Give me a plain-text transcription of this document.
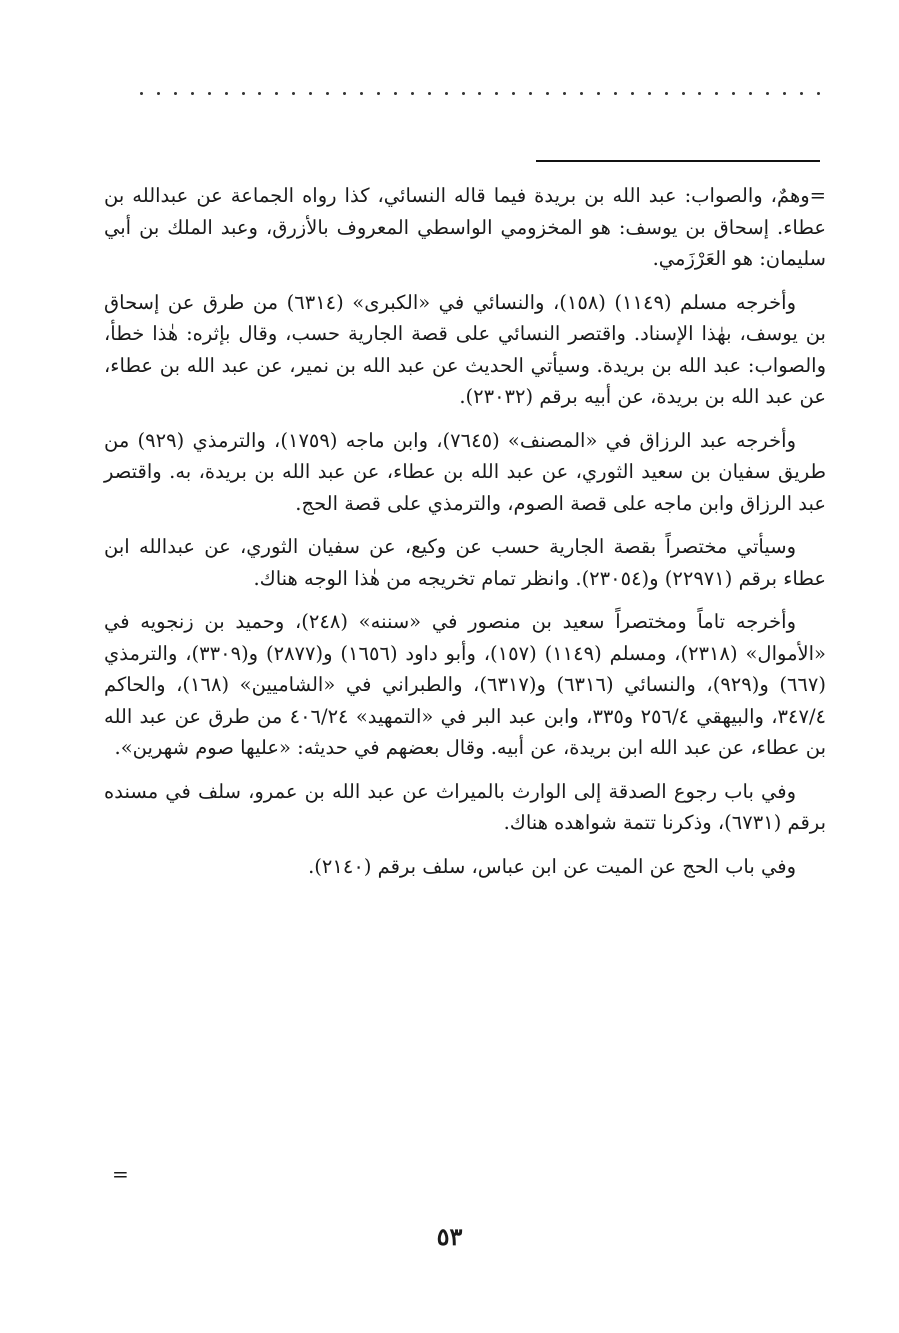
=وهمٌ، والصواب: عبد الله بن بريدة فيما قاله النسائي، كذا رواه الجماعة عن عبدالله بن عطاء. إسحاق بن يوسف: هو المخزومي الواسطي المعروف بالأزرق، وعبد الملك بن أبي سليمان: هو العَرْزَمي.

وأخرجه مسلم (١١٤٩) (١٥٨)، والنسائي في «الكبرى» (٦٣١٤) من طرق عن إسحاق بن يوسف، بهٰذا الإسناد. واقتصر النسائي على قصة الجارية حسب، وقال بإثره: هٰذا خطأ، والصواب: عبد الله بن بريدة. وسيأتي الحديث عن عبد الله بن نمير، عن عبد الله بن عطاء، عن عبد الله بن بريدة، عن أبيه برقم (٢٣٠٣٢).

وأخرجه عبد الرزاق في «المصنف» (٧٦٤٥)، وابن ماجه (١٧٥٩)، والترمذي (٩٢٩) من طريق سفيان بن سعيد الثوري، عن عبد الله بن عطاء، عن عبد الله بن بريدة، به. واقتصر عبد الرزاق وابن ماجه على قصة الصوم، والترمذي على قصة الحج.

وسيأتي مختصراً بقصة الجارية حسب عن وكيع، عن سفيان الثوري، عن عبدالله ابن عطاء برقم (٢٢٩٧١) و(٢٣٠٥٤). وانظر تمام تخريجه من هٰذا الوجه هناك.

وأخرجه تاماً ومختصراً سعيد بن منصور في «سننه» (٢٤٨)، وحميد بن زنجويه في «الأموال» (٢٣١٨)، ومسلم (١١٤٩) (١٥٧)، وأبو داود (١٦٥٦) و(٢٨٧٧) و(٣٣٠٩)، والترمذي (٦٦٧) و(٩٢٩)، والنسائي (٦٣١٦) و(٦٣١٧)، والطبراني في «الشاميين» (١٦٨)، والحاكم ٣٤٧/٤، والبيهقي ٢٥٦/٤ و٣٣٥، وابن عبد البر في «التمهيد» ٤٠٦/٢٤ من طرق عن عبد الله بن عطاء، عن عبد الله ابن بريدة، عن أبيه. وقال بعضهم في حديثه: «عليها صوم شهرين».

وفي باب رجوع الصدقة إلى الوارث بالميراث عن عبد الله بن عمرو، سلف في مسنده برقم (٦٧٣١)، وذكرنا تتمة شواهده هناك.

وفي باب الحج عن الميت عن ابن عباس، سلف برقم (٢١٤٠).

=
٥٣
